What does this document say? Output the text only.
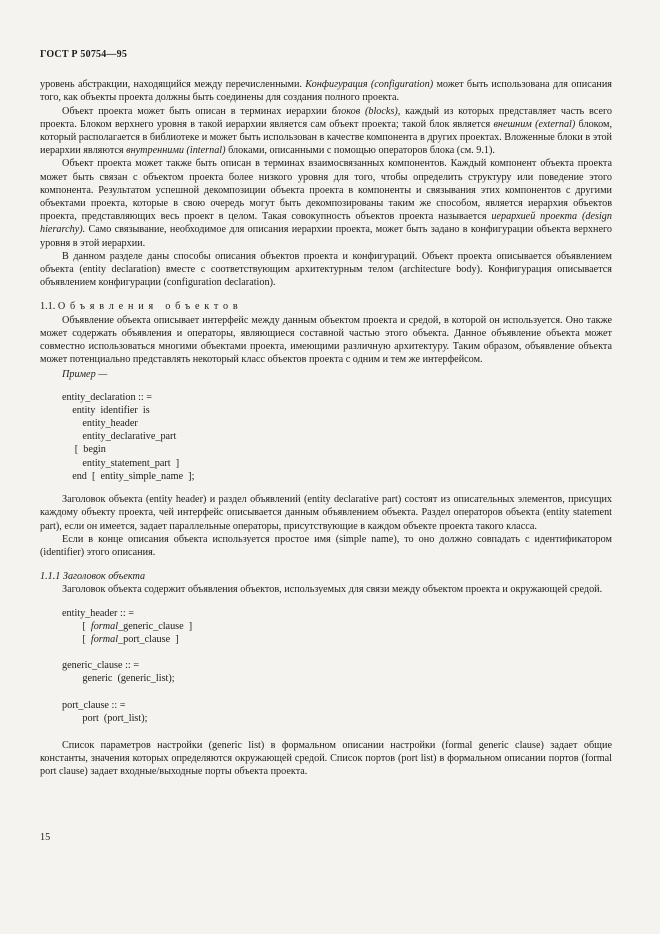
ГОСТ Р 50754—95

уровень абстракции, находящийся между перечисленными. Конфигурация (configuration) может быть использована для описания того, как объекты проекта должны быть соединены для создания полного проекта.

Объект проекта может быть описан в терминах иерархии блоков (blocks), каждый из которых представляет часть всего проекта. Блоком верхнего уровня в такой иерархии является сам объект проекта; такой блок является внешним (external) блоком, который располагается в библиотеке и может быть использован в качестве компонента в других проектах. Вложенные блоки в этой иерархии являются внутренними (internal) блоками, описанными с помощью операторов блока (см. 9.1).

Объект проекта может также быть описан в терминах взаимосвязанных компонентов. Каждый компонент объекта проекта может быть связан с объектом проекта более низкого уровня для того, чтобы определить структуру или поведение этого компонента. Результатом успешной декомпозиции объекта проекта в компоненты и связывания этих компонентов с другими объектами проекта, которые в свою очередь могут быть декомпозированы таким же способом, является иерархия объектов проекта, представляющих весь проект в целом. Такая совокупность объектов проекта называется иерархией проекта (design hierarchy). Само связывание, необходимое для описания иерархии проекта, может быть задано в конфигурации объекта верхнего уровня в этой иерархии.

В данном разделе даны способы описания объектов проекта и конфигураций. Объект проекта описывается объявлением объекта (entity declaration) вместе с соответствующим архитектурным телом (architecture body). Конфигурация описывается объявлением конфигурации (configuration declaration).

1.1. Объявления объектов

Объявление объекта описывает интерфейс между данным объектом проекта и средой, в которой он используется. Оно также может содержать объявления и операторы, являющиеся составной частью этого объекта. Данное объявление объекта может совместно использоваться многими объектами проекта, имеющими различную архитектуру. Таким образом, объявление объекта может потенциально представлять некоторый класс объектов проекта с одним и тем же интерфейсом.

Пример —

entity_declaration :: =
entity  identifier  is
entity_header
entity_declarative_part
[  begin
entity_statement_part  ]
end  [  entity_simple_name  ];

Заголовок объекта (entity header) и раздел объявлений (entity declarative part) состоят из описательных элементов, присущих каждому объекту проекта, чей интерфейс описывается данным объявлением объекта. Раздел операторов объекта (entity statement part), если он имеется, задает параллельные операторы, присутствующие в каждом объекте проекта такого класса.

Если в конце описания объекта используется простое имя (simple name), то оно должно совпадать с идентификатором (identifier) этого описания.

1.1.1 Заголовок объекта

Заголовок объекта содержит объявления объектов, используемых для связи между объектом проекта и окружающей средой.

entity_header :: =
[  formal_generic_clause  ]
[  formal_port_clause  ]
generic_clause :: =
generic  (generic_list);
port_clause :: =
port  (port_list);

Список параметров настройки (generic list) в формальном описании настройки (formal generic clause) задает общие константы, значения которых определяются окружающей средой. Список портов (port list) в формальном описании портов (formal port clause) задает входные/выходные порты объекта проекта.

15
